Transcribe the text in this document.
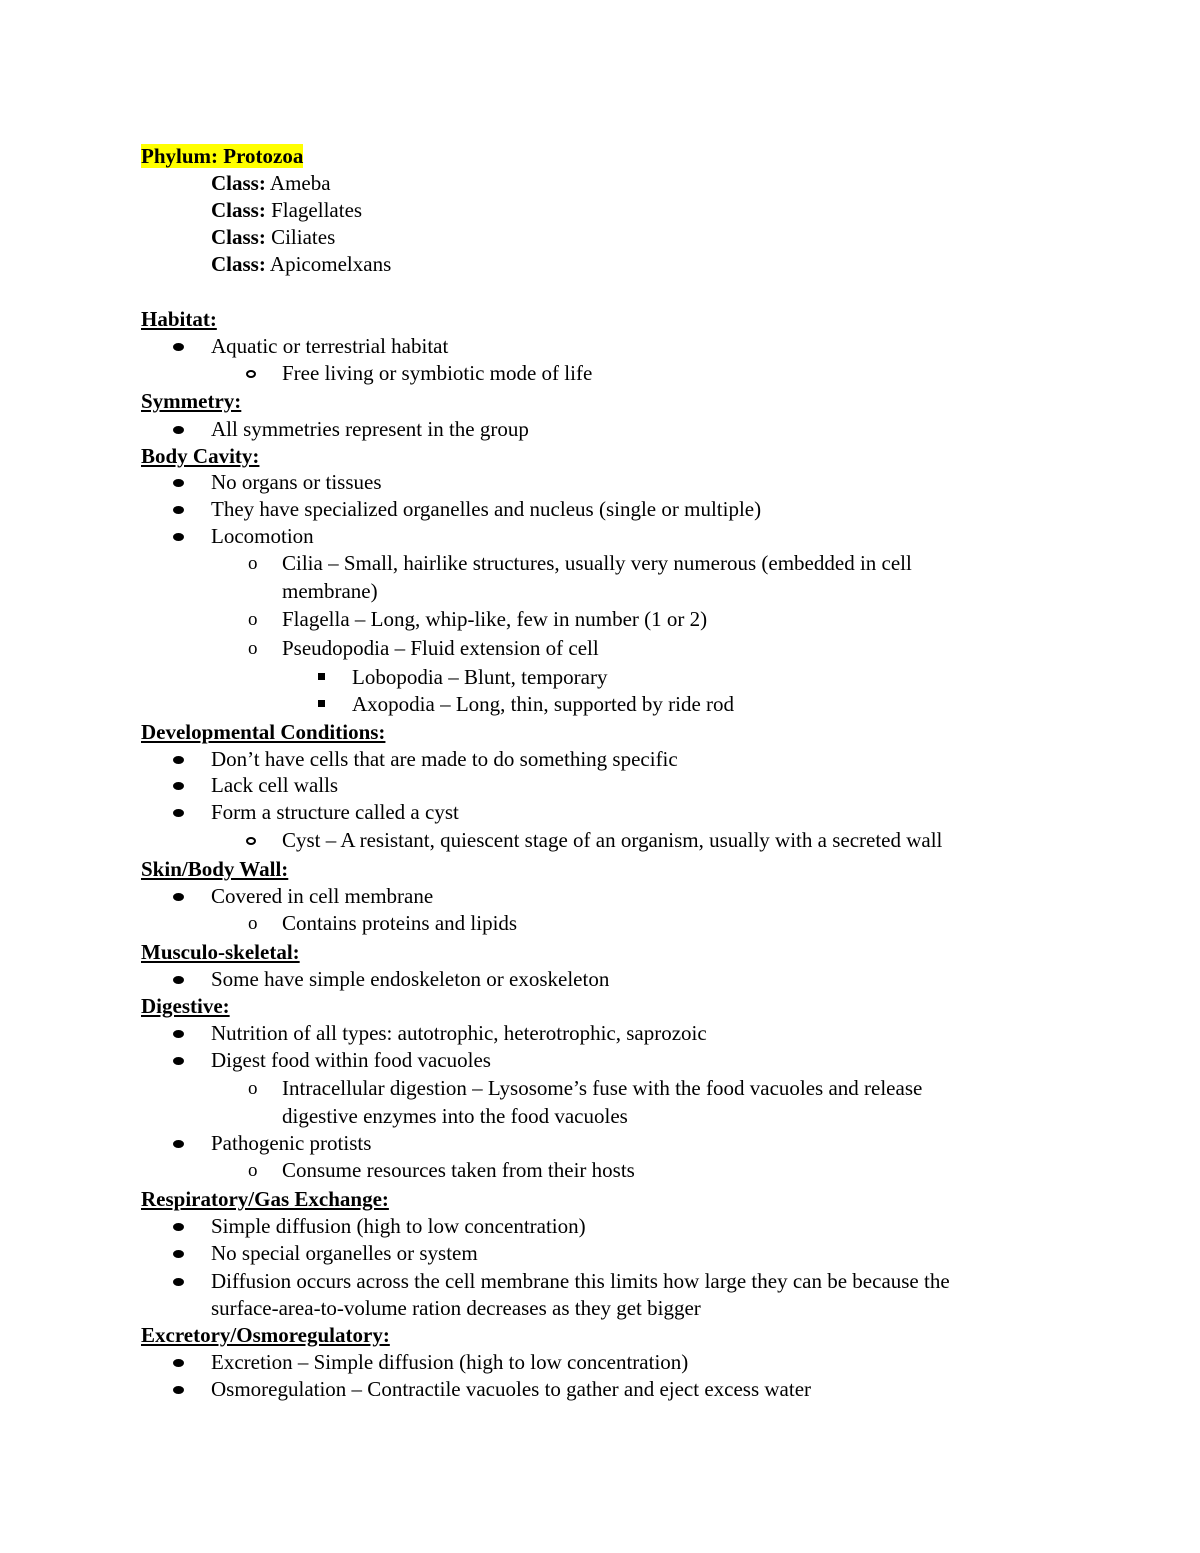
Phylum: Protozoa
Class: Ameba
Class: Flagellates
Class: Ciliates
Class: Apicomelxans
Habitat:
Aquatic or terrestrial habitat
Free living or symbiotic mode of life
Symmetry:
All symmetries represent in the group
Body Cavity:
No organs or tissues
They have specialized organelles and nucleus (single or multiple)
Locomotion
o Cilia – Small, hairlike structures, usually very numerous (embedded in cell
membrane)
o Flagella – Long, whip-like, few in number (1 or 2)
o Pseudopodia – Fluid extension of cell
Lobopodia – Blunt, temporary
Axopodia – Long, thin, supported by ride rod
Developmental Conditions:
Don’t have cells that are made to do something specific
Lack cell walls
Form a structure called a cyst
Cyst – A resistant, quiescent stage of an organism, usually with a secreted wall
Skin/Body Wall:
Covered in cell membrane
o Contains proteins and lipids
Musculo-skeletal:
Some have simple endoskeleton or exoskeleton
Digestive:
Nutrition of all types: autotrophic, heterotrophic, saprozoic
Digest food within food vacuoles
o Intracellular digestion – Lysosome’s fuse with the food vacuoles and release
digestive enzymes into the food vacuoles
Pathogenic protists
o Consume resources taken from their hosts
Respiratory/Gas Exchange:
Simple diffusion (high to low concentration)
No special organelles or system
Diffusion occurs across the cell membrane this limits how large they can be because the
surface-area-to-volume ration decreases as they get bigger
Excretory/Osmoregulatory:
Excretion – Simple diffusion (high to low concentration)
Osmoregulation – Contractile vacuoles to gather and eject excess water
